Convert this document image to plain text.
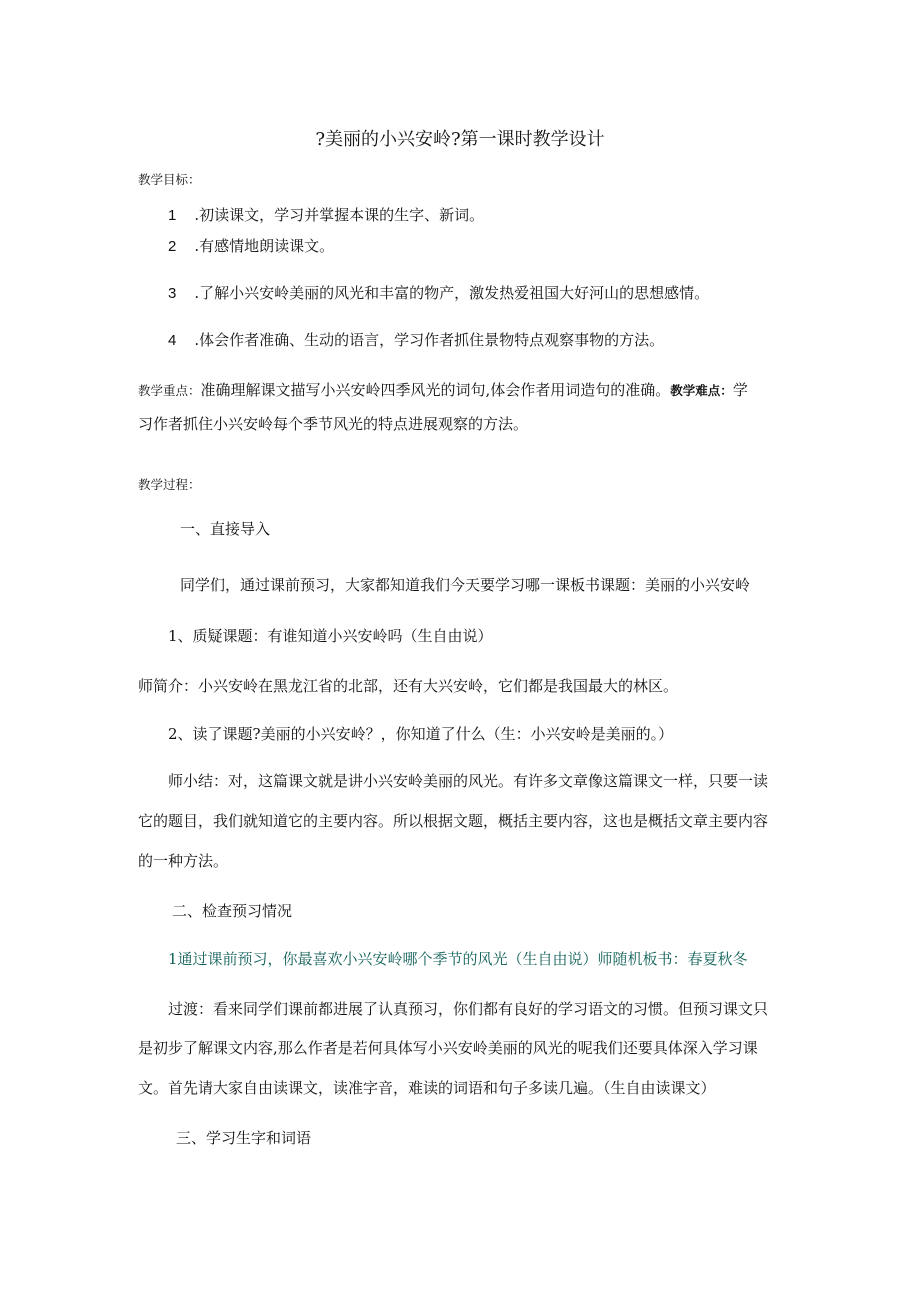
?美丽的小兴安岭?第一课时教学设计
教学目标：
1 .初读课文，学习并掌握本课的生字、新词。
2 .有感情地朗读课文。
3 .了解小兴安岭美丽的风光和丰富的物产，激发热爱祖国大好河山的思想感情。
4 .体会作者准确、生动的语言，学习作者抓住景物特点观察事物的方法。
教学重点：准确理解课文描写小兴安岭四季风光的词句,体会作者用词造句的准确。教学难点：学
习作者抓住小兴安岭每个季节风光的特点进展观察的方法。
教学过程：
一、直接导入
同学们，通过课前预习，大家都知道我们今天要学习哪一课板书课题：美丽的小兴安岭
1、质疑课题：有谁知道小兴安岭吗（生自由说）
师简介：小兴安岭在黑龙江省的北部，还有大兴安岭，它们都是我国最大的林区。
2、读了课题?美丽的小兴安岭？，你知道了什么（生：小兴安岭是美丽的。）
师小结：对，这篇课文就是讲小兴安岭美丽的风光。有许多文章像这篇课文一样，只要一读
它的题目，我们就知道它的主要内容。所以根据文题，概括主要内容，这也是概括文章主要内容
的一种方法。
二、检查预习情况
1通过课前预习，你最喜欢小兴安岭哪个季节的风光（生自由说）师随机板书：春夏秋冬
过渡：看来同学们课前都进展了认真预习，你们都有良好的学习语文的习惯。但预习课文只
是初步了解课文内容,那么作者是若何具体写小兴安岭美丽的风光的呢我们还要具体深入学习课
文。首先请大家自由读课文，读准字音，难读的词语和句子多读几遍。（生自由读课文）
三、学习生字和词语
